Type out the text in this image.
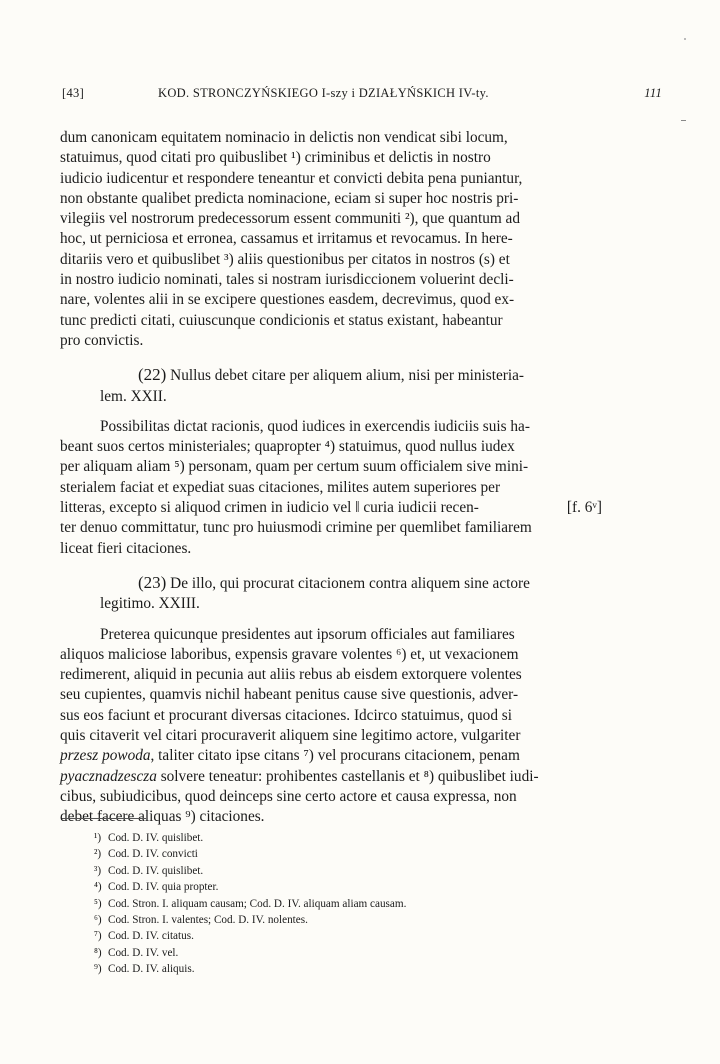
[43]	KOD. STRONCZYŃSKIEGO I-szy i DZIAŁYŃSKICH IV-ty.	111

dum canonicam equitatem nominacio in delictis non vendicat sibi locum,

statuimus, quod citati pro quibuslibet ¹) criminibus et delictis in nostro

iudicio iudicentur et respondere teneantur et convicti debita pena puniantur,

non obstante qualibet predicta nominacione, eciam si super hoc nostris pri-

vilegiis vel nostrorum predecessorum essent communiti ²), que quantum ad

hoc, ut perniciosa et erronea, cassamus et irritamus et revocamus. In here-

ditariis vero et quibuslibet ³) aliis questionibus per citatos in nostros (s) et

in nostro iudicio nominati, tales si nostram iurisdiccionem voluerint decli-

nare, volentes alii in se excipere questiones easdem, decrevimus, quod ex-

tunc predicti citati, cuiuscunque condicionis et status existant, habeantur

pro convictis.

(22) Nullus debet citare per aliquem alium, nisi per ministeria-

lem. XXII.

Possibilitas dictat racionis, quod iudices in exercendis iudiciis suis ha-

beant suos certos ministeriales; quapropter ⁴) statuimus, quod nullus iudex

per aliquam aliam ⁵) personam, quam per certum suum officialem sive mini-

sterialem faciat et expediat suas citaciones, milites autem superiores per

litteras, excepto si aliquod crimen in iudicio vel ‖ curia iudicii recen-	[f. 6ᵛ]

ter denuo committatur, tunc pro huiusmodi crimine per quemlibet familiarem

liceat fieri citaciones.

(23) De illo, qui procurat citacionem contra aliquem sine actore

legitimo. XXIII.

Preterea quicunque presidentes aut ipsorum officiales aut familiares

aliquos maliciose laboribus, expensis gravare volentes ⁶) et, ut vexacionem

redimerent, aliquid in pecunia aut aliis rebus ab eisdem extorquere volentes

seu cupientes, quamvis nichil habeant penitus cause sive questionis, adver-

sus eos faciunt et procurant diversas citaciones. Idcirco statuimus, quod si

quis citaverit vel citari procuraverit aliquem sine legitimo actore, vulgariter

przesz powoda, taliter citato ipse citans ⁷) vel procurans citacionem, penam

pyacznadzescza solvere teneatur: prohibentes castellanis et ⁸) quibuslibet iudi-

cibus, subiudicibus, quod deinceps sine certo actore et causa expressa, non

debet facere aliquas ⁹) citaciones.

¹) Cod. D. IV. quislibet.
²) Cod. D. IV. convicti
³) Cod. D. IV. quislibet.
⁴) Cod. D. IV. quia propter.
⁵) Cod. Stron. I. aliquam causam; Cod. D. IV. aliquam aliam causam.
⁶) Cod. Stron. I. valentes; Cod. D. IV. nolentes.
⁷) Cod. D. IV. citatus.
⁸) Cod. D. IV. vel.
⁹) Cod. D. IV. aliquis.
